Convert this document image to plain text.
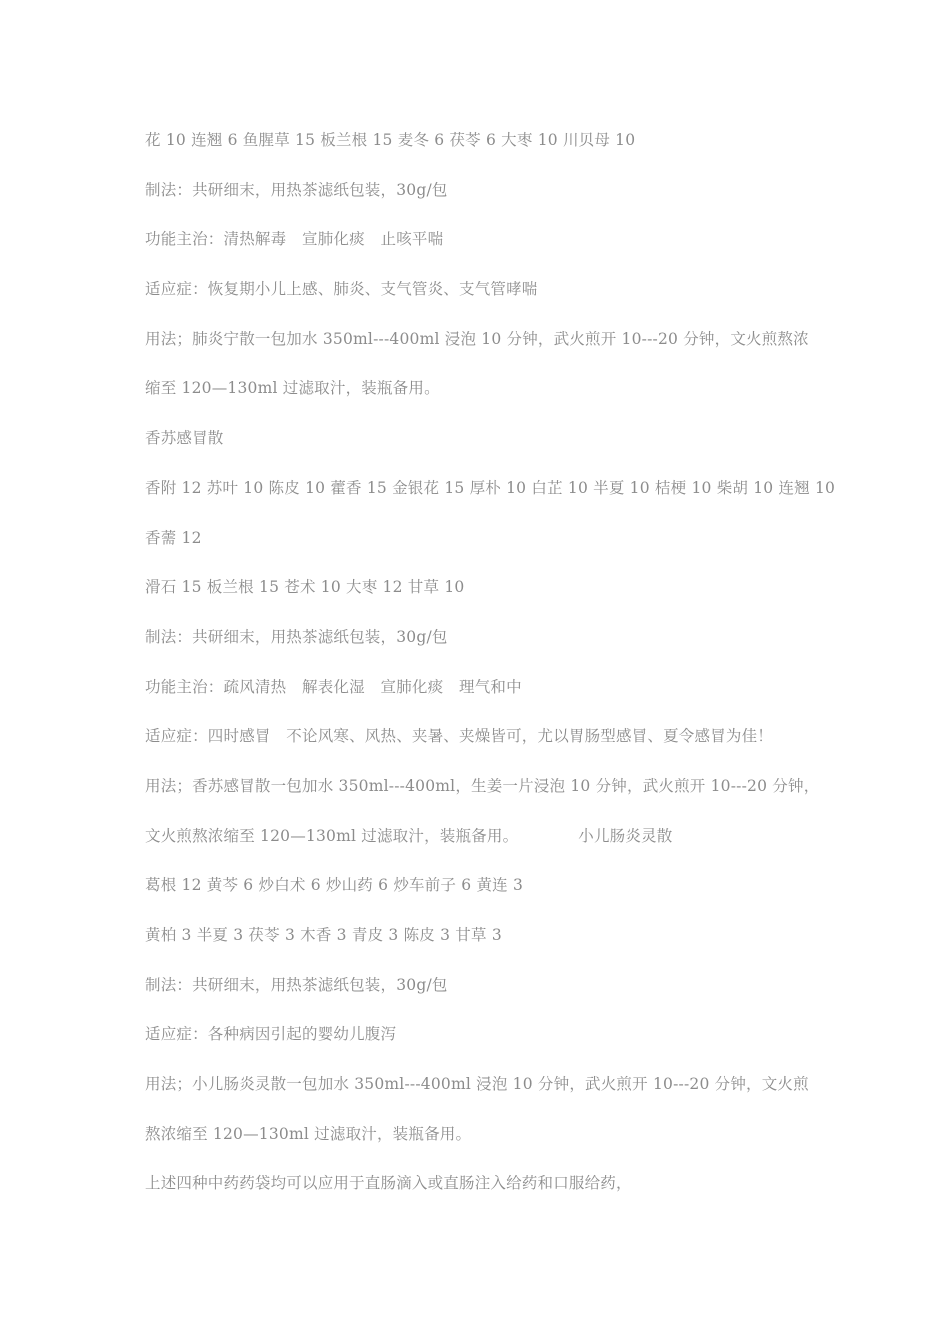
花 10 连翘 6 鱼腥草 15 板兰根 15 麦冬 6 茯苓 6 大枣 10 川贝母 10
制法：共研细末，用热茶滤纸包装，30g/包
功能主治：清热解毒　宣肺化痰　止咳平喘
适应症：恢复期小儿上感、肺炎、支气管炎、支气管哮喘
用法；肺炎宁散一包加水 350ml---400ml 浸泡 10 分钟，武火煎开 10---20 分钟，文火煎熬浓
缩至 120—130ml 过滤取汁，装瓶备用。
香苏感冒散
香附 12 苏叶 10 陈皮 10 藿香 15 金银花 15 厚朴 10 白芷 10 半夏 10 桔梗 10 柴胡 10 连翘 10
香薷 12
滑石 15 板兰根 15 苍术 10 大枣 12 甘草 10
制法：共研细末，用热茶滤纸包装，30g/包
功能主治：疏风清热　解表化湿　宣肺化痰　理气和中
适应症：四时感冒　不论风寒、风热、夹暑、夹燥皆可，尤以胃肠型感冒、夏令感冒为佳！
用法；香苏感冒散一包加水 350ml---400ml，生姜一片浸泡 10 分钟，武火煎开 10---20 分钟，
文火煎熬浓缩至 120—130ml 过滤取汁，装瓶备用。	小儿肠炎灵散
葛根 12 黄芩 6 炒白术 6 炒山药 6 炒车前子 6 黄连 3
黄柏 3 半夏 3 茯苓 3 木香 3 青皮 3 陈皮 3 甘草 3
制法：共研细末，用热茶滤纸包装，30g/包
适应症：各种病因引起的婴幼儿腹泻
用法；小儿肠炎灵散一包加水 350ml---400ml 浸泡 10 分钟，武火煎开 10---20 分钟，文火煎
熬浓缩至 120—130ml 过滤取汁，装瓶备用。
上述四种中药药袋均可以应用于直肠滴入或直肠注入给药和口服给药，
